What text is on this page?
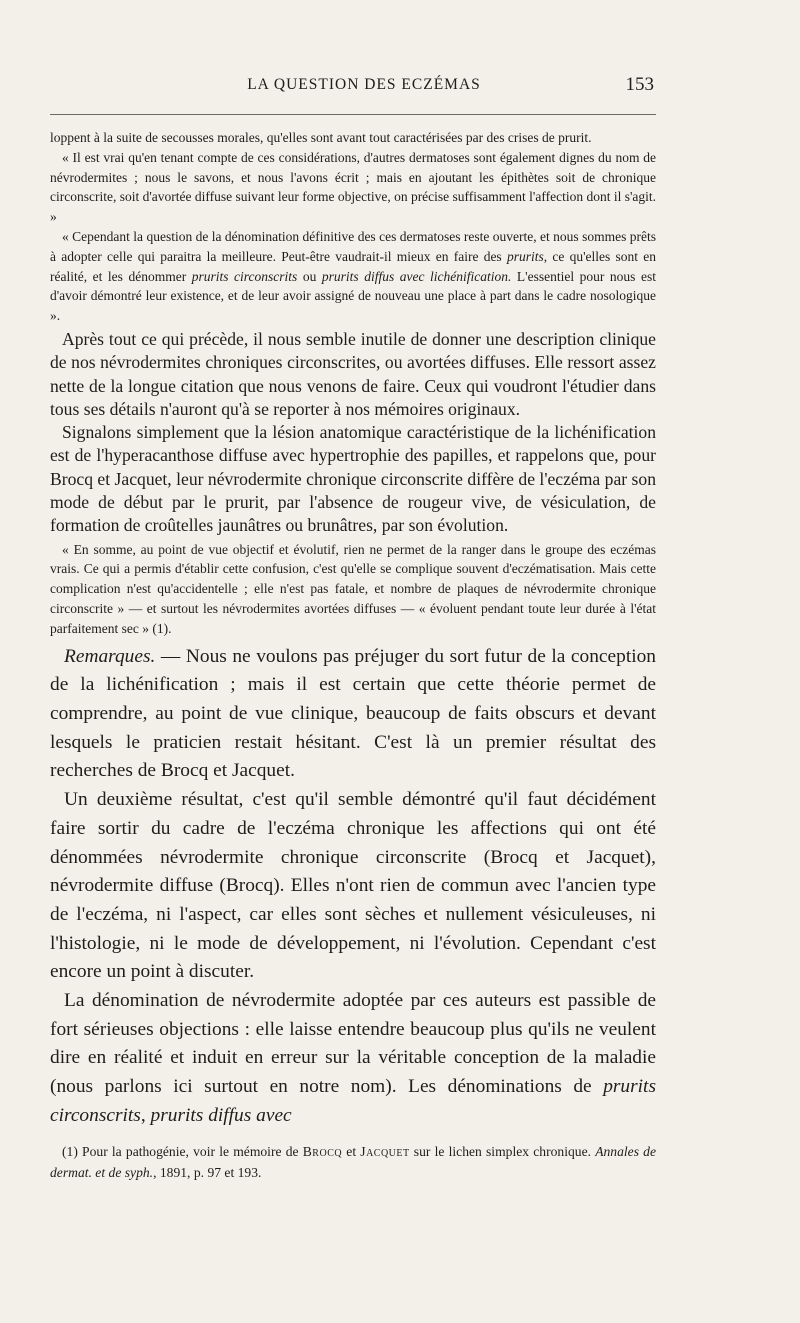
LA QUESTION DES ECZÉMAS	153

loppent à la suite de secousses morales, qu'elles sont avant tout caractérisées par des crises de prurit.

« Il est vrai qu'en tenant compte de ces considérations, d'autres dermatoses sont également dignes du nom de névrodermites ; nous le savons, et nous l'avons écrit ; mais en ajoutant les épithètes soit de chronique circonscrite, soit d'avortée diffuse suivant leur forme objective, on précise suffisamment l'affection dont il s'agit. »

« Cependant la question de la dénomination définitive des ces dermatoses reste ouverte, et nous sommes prêts à adopter celle qui paraitra la meilleure. Peut-être vaudrait-il mieux en faire des prurits, ce qu'elles sont en réalité, et les dénommer prurits circonscrits ou prurits diffus avec lichénification. L'essentiel pour nous est d'avoir démontré leur existence, et de leur avoir assigné de nouveau une place à part dans le cadre nosologique ».

Après tout ce qui précède, il nous semble inutile de donner une description clinique de nos névrodermites chroniques circonscrites, ou avortées diffuses. Elle ressort assez nette de la longue citation que nous venons de faire. Ceux qui voudront l'étudier dans tous ses détails n'auront qu'à se reporter à nos mémoires originaux.

Signalons simplement que la lésion anatomique caractéristique de la lichénification est de l'hyperacanthose diffuse avec hypertrophie des papilles, et rappelons que, pour Brocq et Jacquet, leur névrodermite chronique circonscrite diffère de l'eczéma par son mode de début par le prurit, par l'absence de rougeur vive, de vésiculation, de formation de croûtelles jaunâtres ou brunâtres, par son évolution.

« En somme, au point de vue objectif et évolutif, rien ne permet de la ranger dans le groupe des eczémas vrais. Ce qui a permis d'établir cette confusion, c'est qu'elle se complique souvent d'eczématisation. Mais cette complication n'est qu'accidentelle ; elle n'est pas fatale, et nombre de plaques de névrodermite chronique circonscrite » — et surtout les névrodermites avortées diffuses — « évoluent pendant toute leur durée à l'état parfaitement sec » (1).

Remarques. — Nous ne voulons pas préjuger du sort futur de la conception de la lichénification ; mais il est certain que cette théorie permet de comprendre, au point de vue clinique, beaucoup de faits obscurs et devant lesquels le praticien restait hésitant. C'est là un premier résultat des recherches de Brocq et Jacquet.

Un deuxième résultat, c'est qu'il semble démontré qu'il faut décidément faire sortir du cadre de l'eczéma chronique les affections qui ont été dénommées névrodermite chronique circonscrite (Brocq et Jacquet), névrodermite diffuse (Brocq). Elles n'ont rien de commun avec l'ancien type de l'eczéma, ni l'aspect, car elles sont sèches et nullement vésiculeuses, ni l'histologie, ni le mode de développement, ni l'évolution. Cependant c'est encore un point à discuter.

La dénomination de névrodermite adoptée par ces auteurs est passible de fort sérieuses objections : elle laisse entendre beaucoup plus qu'ils ne veulent dire en réalité et induit en erreur sur la véritable conception de la maladie (nous parlons ici surtout en notre nom). Les dénominations de prurits circonscrits, prurits diffus avec

(1) Pour la pathogénie, voir le mémoire de Brocq et Jacquet sur le lichen simplex chronique. Annales de dermat. et de syph., 1891, p. 97 et 193.
